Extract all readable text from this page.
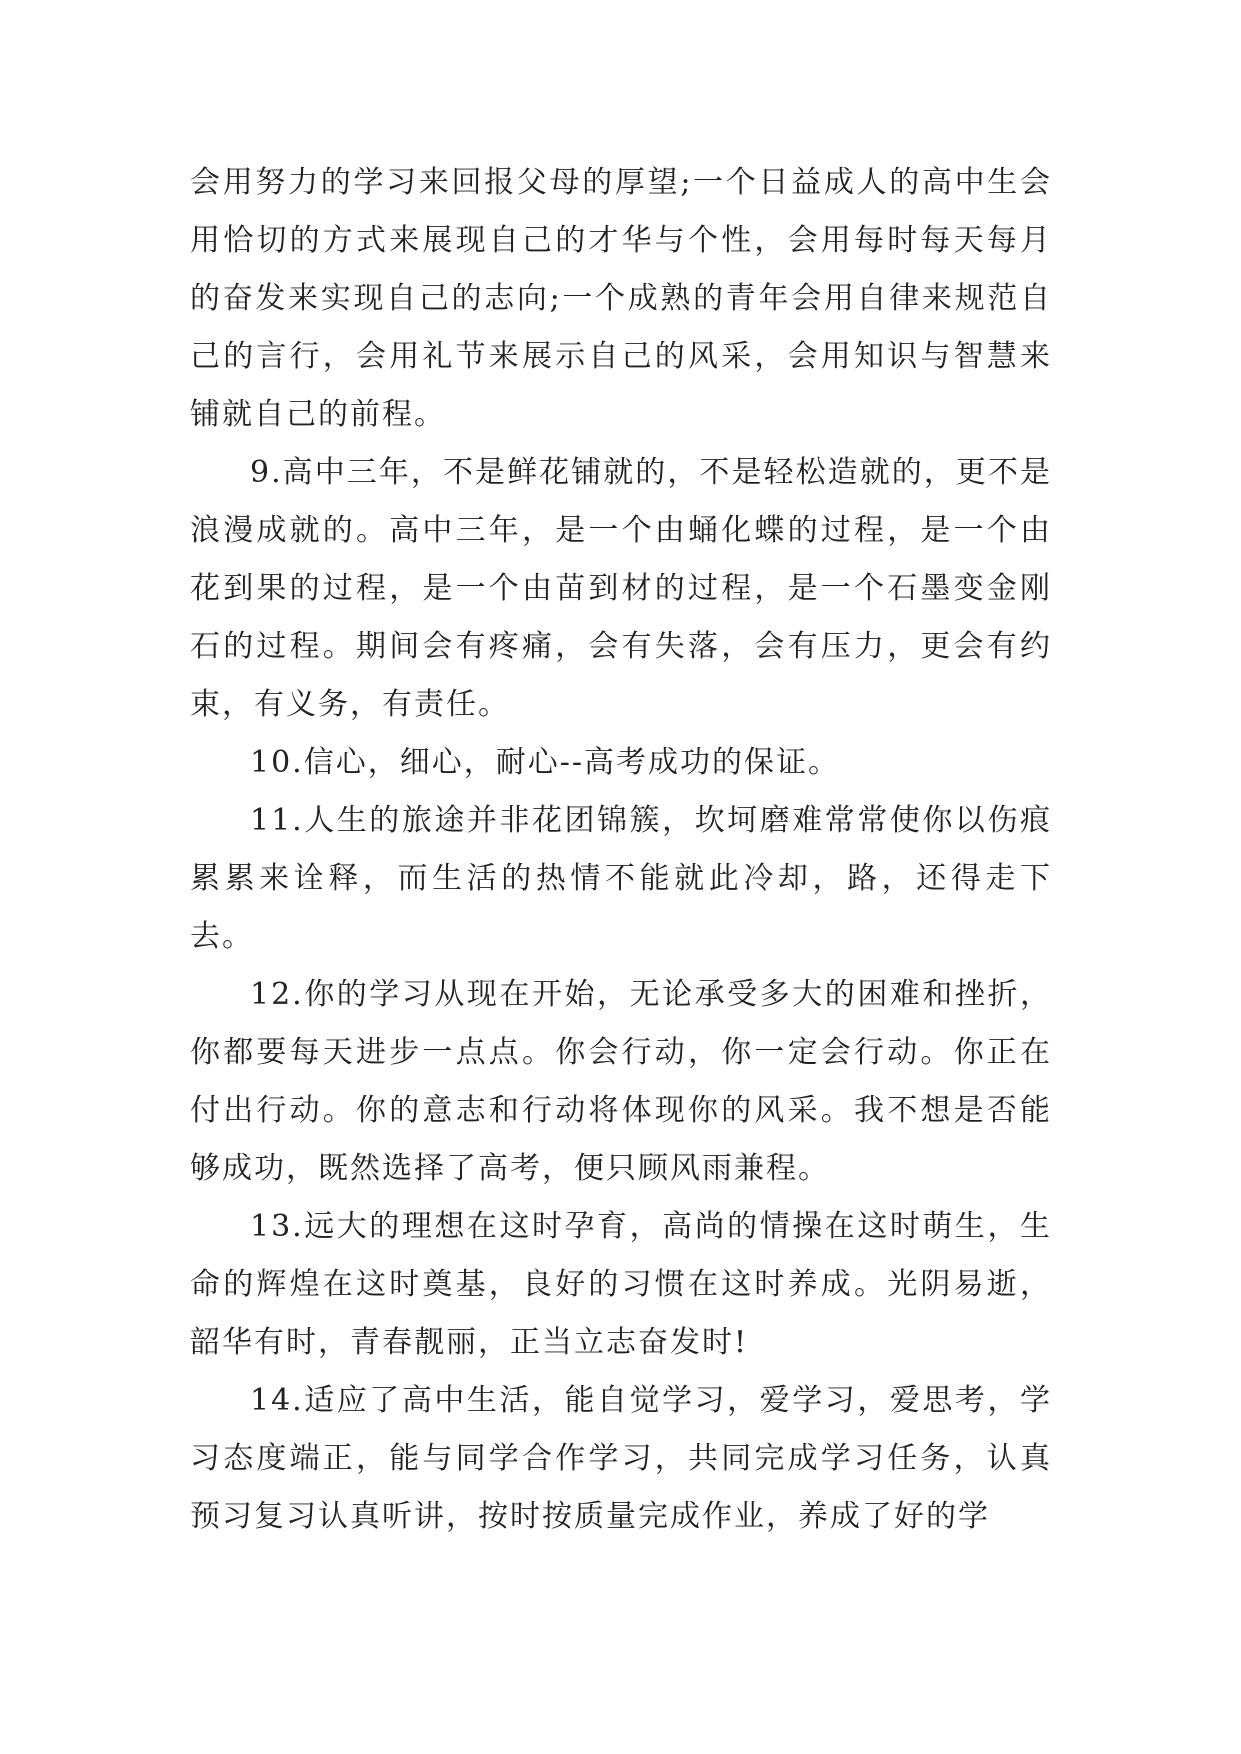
会用努力的学习来回报父母的厚望;一个日益成人的高中生会用恰切的方式来展现自己的才华与个性，会用每时每天每月的奋发来实现自己的志向;一个成熟的青年会用自律来规范自己的言行，会用礼节来展示自己的风采，会用知识与智慧来铺就自己的前程。

9.高中三年，不是鲜花铺就的，不是轻松造就的，更不是浪漫成就的。高中三年，是一个由蛹化蝶的过程，是一个由花到果的过程，是一个由苗到材的过程，是一个石墨变金刚石的过程。期间会有疼痛，会有失落，会有压力，更会有约束，有义务，有责任。

10.信心，细心，耐心--高考成功的保证。

11.人生的旅途并非花团锦簇，坎坷磨难常常使你以伤痕累累来诠释，而生活的热情不能就此冷却，路，还得走下去。

12.你的学习从现在开始，无论承受多大的困难和挫折，你都要每天进步一点点。你会行动，你一定会行动。你正在付出行动。你的意志和行动将体现你的风采。我不想是否能够成功，既然选择了高考，便只顾风雨兼程。

13.远大的理想在这时孕育，高尚的情操在这时萌生，生命的辉煌在这时奠基，良好的习惯在这时养成。光阴易逝，韶华有时，青春靓丽，正当立志奋发时!

14.适应了高中生活，能自觉学习，爱学习，爱思考，学习态度端正，能与同学合作学习，共同完成学习任务，认真预习复习认真听讲，按时按质量完成作业，养成了好的学
